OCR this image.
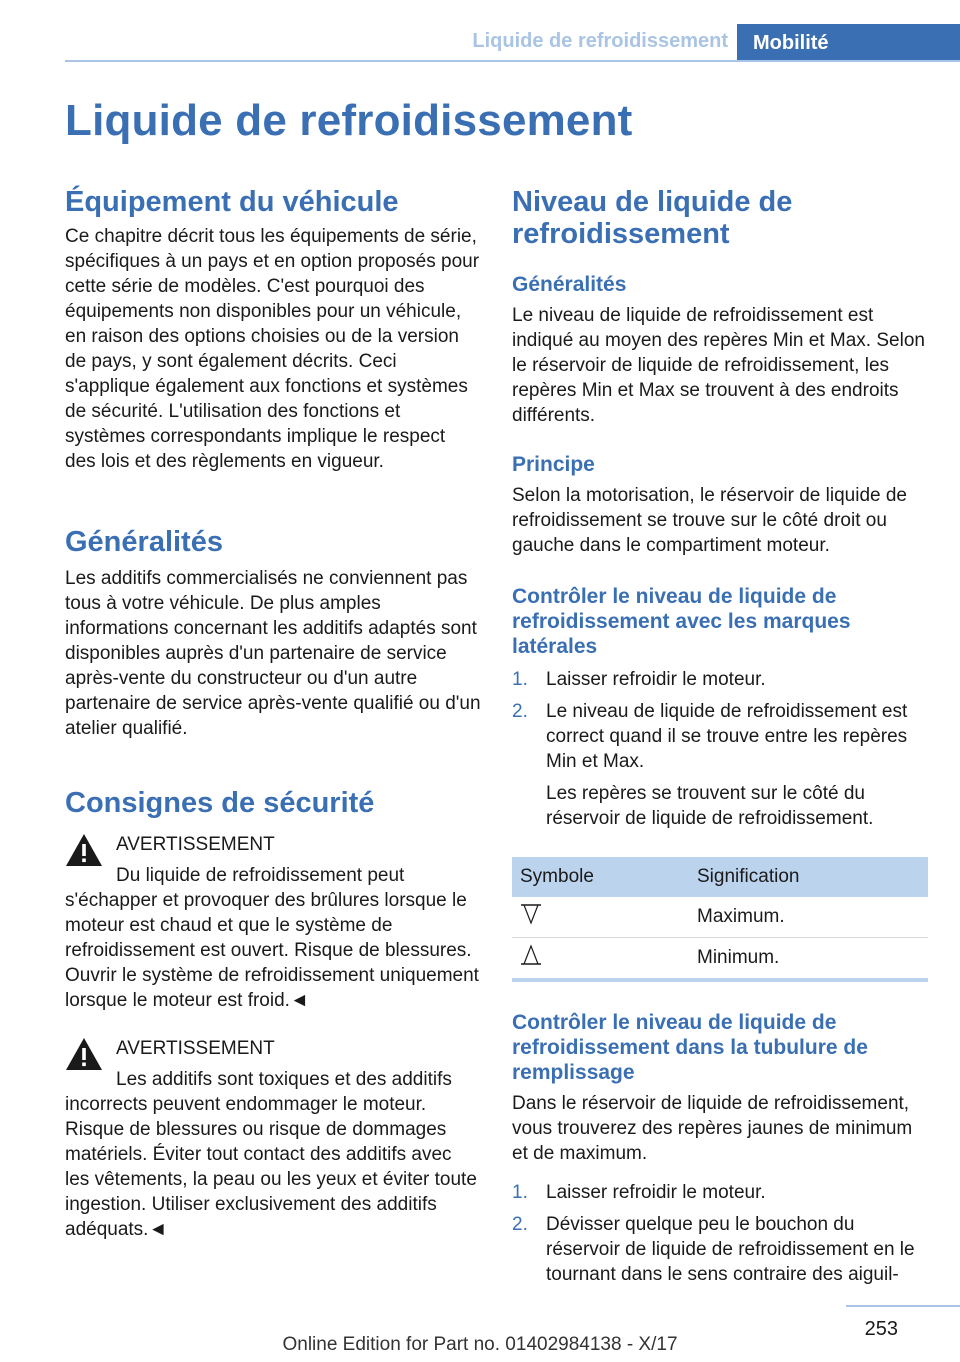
Liquide de refroidissement	Mobilité
Liquide de refroidissement
Équipement du véhicule

Ce chapitre décrit tous les équipements de série, spécifiques à un pays et en option proposés pour cette série de modèles. C'est pourquoi des équipements non disponibles pour un véhicule, en raison des options choisies ou de la version de pays, y sont également décrits. Ceci s'applique également aux fonctions et systèmes de sécurité. L'utilisation des fonctions et systèmes correspondants implique le respect des lois et des règlements en vigueur.

Généralités

Les additifs commercialisés ne conviennent pas tous à votre véhicule. De plus amples informations concernant les additifs adaptés sont disponibles auprès d'un partenaire de service après-vente du constructeur ou d'un autre partenaire de service après-vente qualifié ou d'un atelier qualifié.

Consignes de sécurité
AVERTISSEMENT

Du liquide de refroidissement peut s'échapper et provoquer des brûlures lorsque le moteur est chaud et que le système de refroidissement est ouvert. Risque de blessures. Ouvrir le système de refroidissement uniquement lorsque le moteur est froid.◄

AVERTISSEMENT

Les additifs sont toxiques et des additifs incorrects peuvent endommager le moteur. Risque de blessures ou risque de dommages matériels. Éviter tout contact des additifs avec les vêtements, la peau ou les yeux et éviter toute ingestion. Utiliser exclusivement des additifs adéquats.◄

Niveau de liquide de refroidissement
Généralités

Le niveau de liquide de refroidissement est indiqué au moyen des repères Min et Max. Selon le réservoir de liquide de refroidissement, les repères Min et Max se trouvent à des endroits différents.

Principe

Selon la motorisation, le réservoir de liquide de refroidissement se trouve sur le côté droit ou gauche dans le compartiment moteur.

Contrôler le niveau de liquide de refroidissement avec les marques latérales
1. Laisser refroidir le moteur.
2. Le niveau de liquide de refroidissement est correct quand il se trouve entre les repères Min et Max.

Les repères se trouvent sur le côté du réservoir de liquide de refroidissement.

Symbole	Signification
	Maximum.
	Minimum.
Contrôler le niveau de liquide de refroidissement dans la tubulure de remplissage

Dans le réservoir de liquide de refroidissement, vous trouverez des repères jaunes de minimum et de maximum.

1. Laisser refroidir le moteur.
2. Dévisser quelque peu le bouchon du réservoir de liquide de refroidissement en le tournant dans le sens contraire des aiguil-
253
Online Edition for Part no. 01402984138 - X/17
